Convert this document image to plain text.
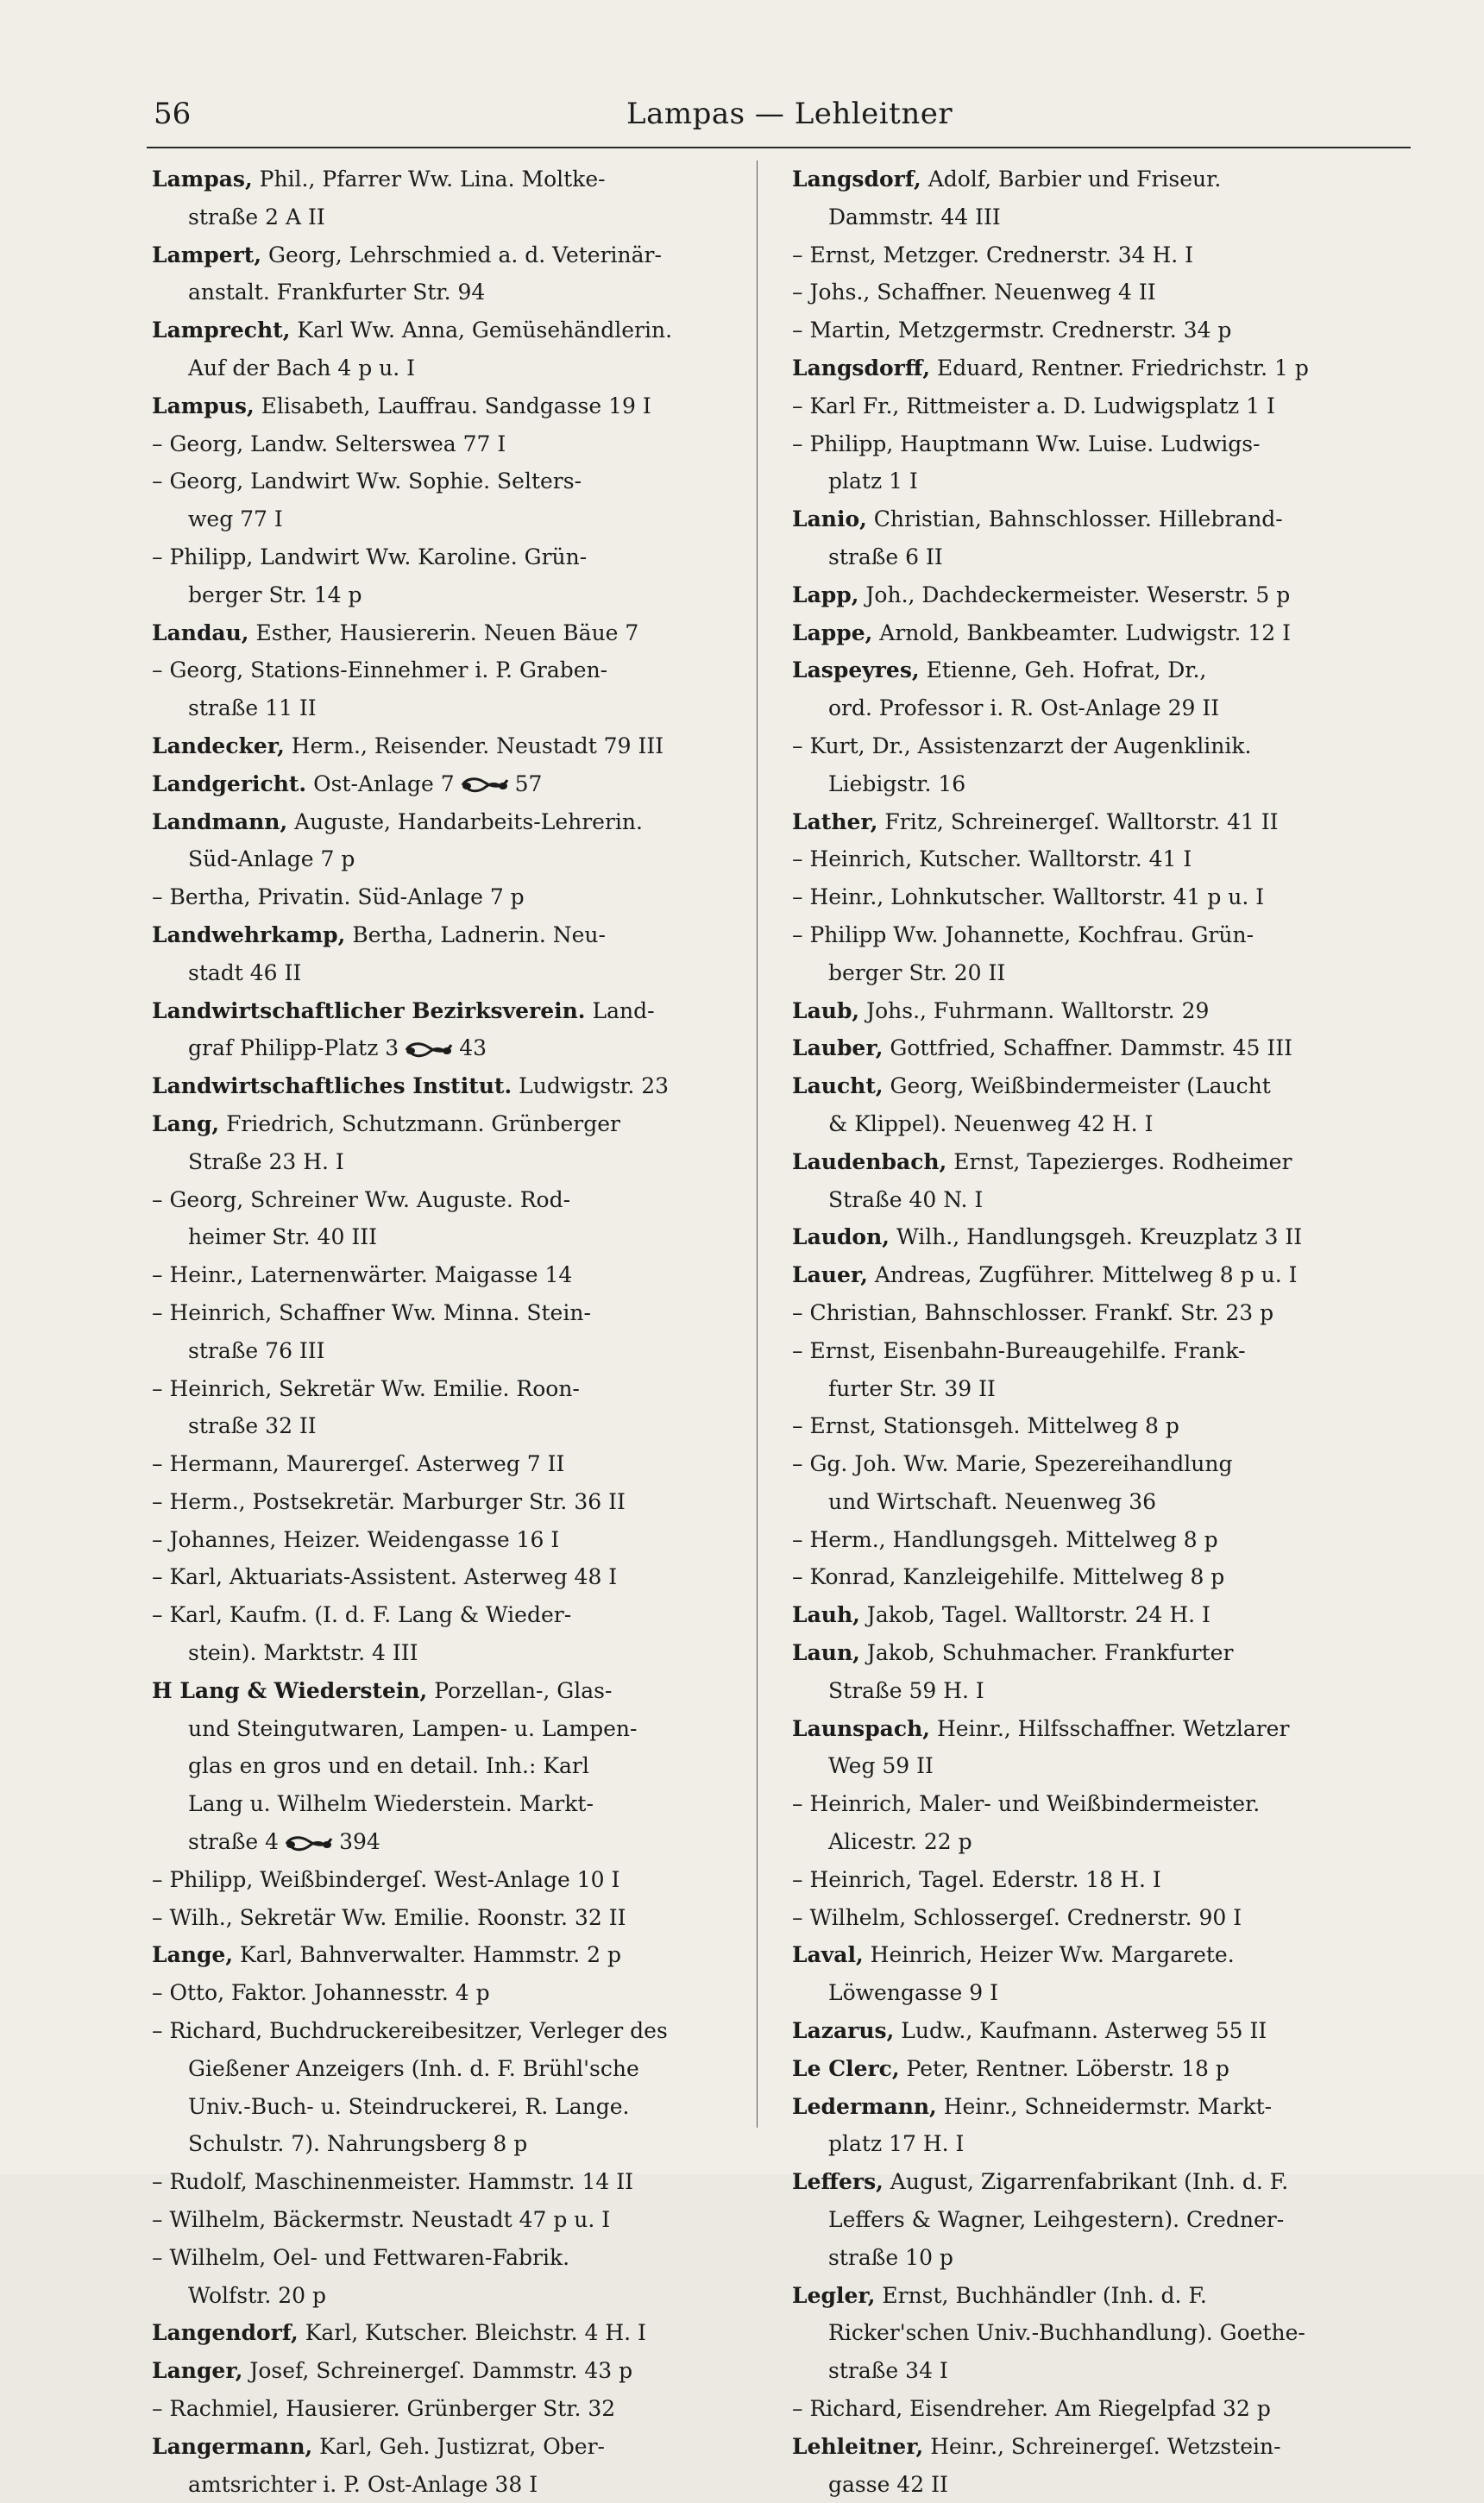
56	Lampas — Lehleitner
Lampas, Phil., Pfarrer Ww. Lina. Moltke-
straße 2 A II
Lampert, Georg, Lehrschmied a. d. Veterinär-
anstalt. Frankfurter Str. 94
Lamprecht, Karl Ww. Anna, Gemüsehändlerin.
Auf der Bach 4 p u. I
Lampus, Elisabeth, Lauffrau. Sandgasse 19 I
– Georg, Landw. Selterswea 77 I
– Georg, Landwirt Ww. Sophie. Selters-
weg 77 I
– Philipp, Landwirt Ww. Karoline. Grün-
berger Str. 14 p
Landau, Esther, Hausiererin. Neuen Bäue 7
– Georg, Stations-Einnehmer i. P. Graben-
straße 11 II
Landecker, Herm., Reisender. Neustadt 79 III
Landgericht. Ost-Anlage 7	57
Landmann, Auguste, Handarbeits-Lehrerin.
Süd-Anlage 7 p
– Bertha, Privatin. Süd-Anlage 7 p
Landwehrkamp, Bertha, Ladnerin. Neu-
stadt 46 II
Landwirtschaftlicher Bezirksverein. Land-
graf Philipp-Platz 3	43
Landwirtschaftliches Institut. Ludwigstr. 23
Lang, Friedrich, Schutzmann. Grünberger
Straße 23 H. I
– Georg, Schreiner Ww. Auguste. Rod-
heimer Str. 40 III
– Heinr., Laternenwärter. Maigasse 14
– Heinrich, Schaffner Ww. Minna. Stein-
straße 76 III
– Heinrich, Sekretär Ww. Emilie. Roon-
straße 32 II
– Hermann, Maurergeſ. Asterweg 7 II
– Herm., Postsekretär. Marburger Str. 36 II
– Johannes, Heizer. Weidengasse 16 I
– Karl, Aktuariats-Assistent. Asterweg 48 I
– Karl, Kaufm. (I. d. F. Lang & Wieder-
stein). Marktstr. 4 III
H Lang & Wiederstein, Porzellan-, Glas-
und Steingutwaren, Lampen- u. Lampen-
glas en gros und en detail. Inh.: Karl
Lang u. Wilhelm Wiederstein. Markt-
straße 4	394
– Philipp, Weißbindergeſ. West-Anlage 10 I
– Wilh., Sekretär Ww. Emilie. Roonstr. 32 II
Lange, Karl, Bahnverwalter. Hammstr. 2 p
– Otto, Faktor. Johannesstr. 4 p
– Richard, Buchdruckereibesitzer, Verleger des
Gießener Anzeigers (Inh. d. F. Brühl'sche
Univ.-Buch- u. Steindruckerei, R. Lange.
Schulstr. 7). Nahrungsberg 8 p
– Rudolf, Maschinenmeister. Hammstr. 14 II
– Wilhelm, Bäckermstr. Neustadt 47 p u. I
– Wilhelm, Oel- und Fettwaren-Fabrik.
Wolfstr. 20 p
Langendorf, Karl, Kutscher. Bleichstr. 4 H. I
Langer, Josef, Schreinergeſ. Dammstr. 43 p
– Rachmiel, Hausierer. Grünberger Str. 32
Langermann, Karl, Geh. Justizrat, Ober-
amtsrichter i. P. Ost-Anlage 38 I
Langsdorf, Adolf, Barbier und Friseur.
Dammstr. 44 III
– Ernst, Metzger. Crednerstr. 34 H. I
– Johs., Schaffner. Neuenweg 4 II
– Martin, Metzgermstr. Crednerstr. 34 p
Langsdorff, Eduard, Rentner. Friedrichstr. 1 p
– Karl Fr., Rittmeister a. D. Ludwigsplatz 1 I
– Philipp, Hauptmann Ww. Luise. Ludwigs-
platz 1 I
Lanio, Christian, Bahnschlosser. Hillebrand-
straße 6 II
Lapp, Joh., Dachdeckermeister. Weserstr. 5 p
Lappe, Arnold, Bankbeamter. Ludwigstr. 12 I
Laspeyres, Etienne, Geh. Hofrat, Dr.,
ord. Professor i. R. Ost-Anlage 29 II
– Kurt, Dr., Assistenzarzt der Augenklinik.
Liebigstr. 16
Lather, Fritz, Schreinergeſ. Walltorstr. 41 II
– Heinrich, Kutscher. Walltorstr. 41 I
– Heinr., Lohnkutscher. Walltorstr. 41 p u. I
– Philipp Ww. Johannette, Kochfrau. Grün-
berger Str. 20 II
Laub, Johs., Fuhrmann. Walltorstr. 29
Lauber, Gottfried, Schaffner. Dammstr. 45 III
Laucht, Georg, Weißbindermeister (Laucht
& Klippel). Neuenweg 42 H. I
Laudenbach, Ernst, Tapezierges. Rodheimer
Straße 40 N. I
Laudon, Wilh., Handlungsgeh. Kreuzplatz 3 II
Lauer, Andreas, Zugführer. Mittelweg 8 p u. I
– Christian, Bahnschlosser. Frankf. Str. 23 p
– Ernst, Eisenbahn-Bureaugehilfe. Frank-
furter Str. 39 II
– Ernst, Stationsgeh. Mittelweg 8 p
– Gg. Joh. Ww. Marie, Spezereihandlung
und Wirtschaft. Neuenweg 36
– Herm., Handlungsgeh. Mittelweg 8 p
– Konrad, Kanzleigehilfe. Mittelweg 8 p
Lauh, Jakob, Tagel. Walltorstr. 24 H. I
Laun, Jakob, Schuhmacher. Frankfurter
Straße 59 H. I
Launspach, Heinr., Hilfsschaffner. Wetzlarer
Weg 59 II
– Heinrich, Maler- und Weißbindermeister.
Alicestr. 22 p
– Heinrich, Tagel. Ederstr. 18 H. I
– Wilhelm, Schlossergeſ. Crednerstr. 90 I
Laval, Heinrich, Heizer Ww. Margarete.
Löwengasse 9 I
Lazarus, Ludw., Kaufmann. Asterweg 55 II
Le Clerc, Peter, Rentner. Löberstr. 18 p
Ledermann, Heinr., Schneidermstr. Markt-
platz 17 H. I
Leffers, August, Zigarrenfabrikant (Inh. d. F.
Leffers & Wagner, Leihgestern). Credner-
straße 10 p
Legler, Ernst, Buchhändler (Inh. d. F.
Ricker'schen Univ.-Buchhandlung). Goethe-
straße 34 I
– Richard, Eisendreher. Am Riegelpfad 32 p
Lehleitner, Heinr., Schreinergeſ. Wetzstein-
gasse 42 II
